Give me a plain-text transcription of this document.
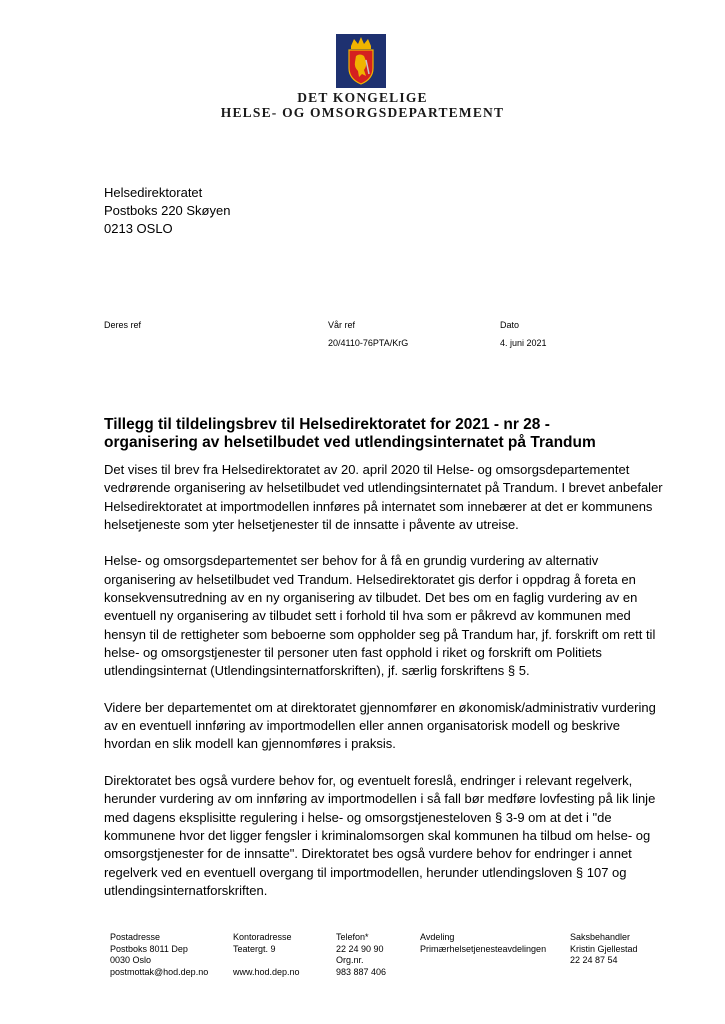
DET KONGELIGE
HELSE- OG OMSORGSDEPARTEMENT
Helsedirektoratet
Postboks 220 Skøyen
0213 OSLO
Deres ref	Vår ref
20/4110-76PTA/KrG
Dato
4. juni 2021
Tillegg til tildelingsbrev til Helsedirektoratet for 2021 - nr 28 -
organisering av helsetilbudet ved utlendingsinternatet på Trandum

Det vises til brev fra Helsedirektoratet av 20. april 2020 til Helse- og omsorgsdepartementet vedrørende organisering av helsetilbudet ved utlendingsinternatet på Trandum. I brevet anbefaler Helsedirektoratet at importmodellen innføres på internatet som innebærer at det er kommunens helsetjeneste som yter helsetjenester til de innsatte i påvente av utreise.

Helse- og omsorgsdepartementet ser behov for å få en grundig vurdering av alternativ organisering av helsetilbudet ved Trandum. Helsedirektoratet gis derfor i oppdrag å foreta en konsekvensutredning av en ny organisering av tilbudet. Det bes om en faglig vurdering av en eventuell ny organisering av tilbudet sett i forhold til hva som er påkrevd av kommunen med hensyn til de rettigheter som beboerne som oppholder seg på Trandum har, jf. forskrift om rett til helse- og omsorgstjenester til personer uten fast opphold i riket og forskrift om Politiets utlendingsinternat (Utlendingsinternatforskriften), jf. særlig forskriftens § 5.

Videre ber departementet om at direktoratet gjennomfører en økonomisk/administrativ vurdering av en eventuell innføring av importmodellen eller annen organisatorisk modell og beskrive hvordan en slik modell kan gjennomføres i praksis.

Direktoratet bes også vurdere behov for, og eventuelt foreslå, endringer i relevant regelverk, herunder vurdering av om innføring av importmodellen i så fall bør medføre lovfesting på lik linje med dagens eksplisitte regulering i helse- og omsorgstjenesteloven § 3-9 om at det i "de kommunene hvor det ligger fengsler i kriminalomsorgen skal kommunen ha tilbud om helse- og omsorgstjenester for de innsatte". Direktoratet bes også vurdere behov for endringer i annet regelverk ved en eventuell overgang til importmodellen, herunder utlendingsloven § 107 og utlendingsinternatforskriften.

Postadresse
Postboks 8011 Dep
0030 Oslo
postmottak@hod.dep.no
Kontoradresse
Teatergt. 9
www.hod.dep.no
Telefon*
22 24 90 90
Org.nr.
983 887 406
Avdeling
Primærhelsetjenesteavdelingen
Saksbehandler
Kristin Gjellestad
22 24 87 54
